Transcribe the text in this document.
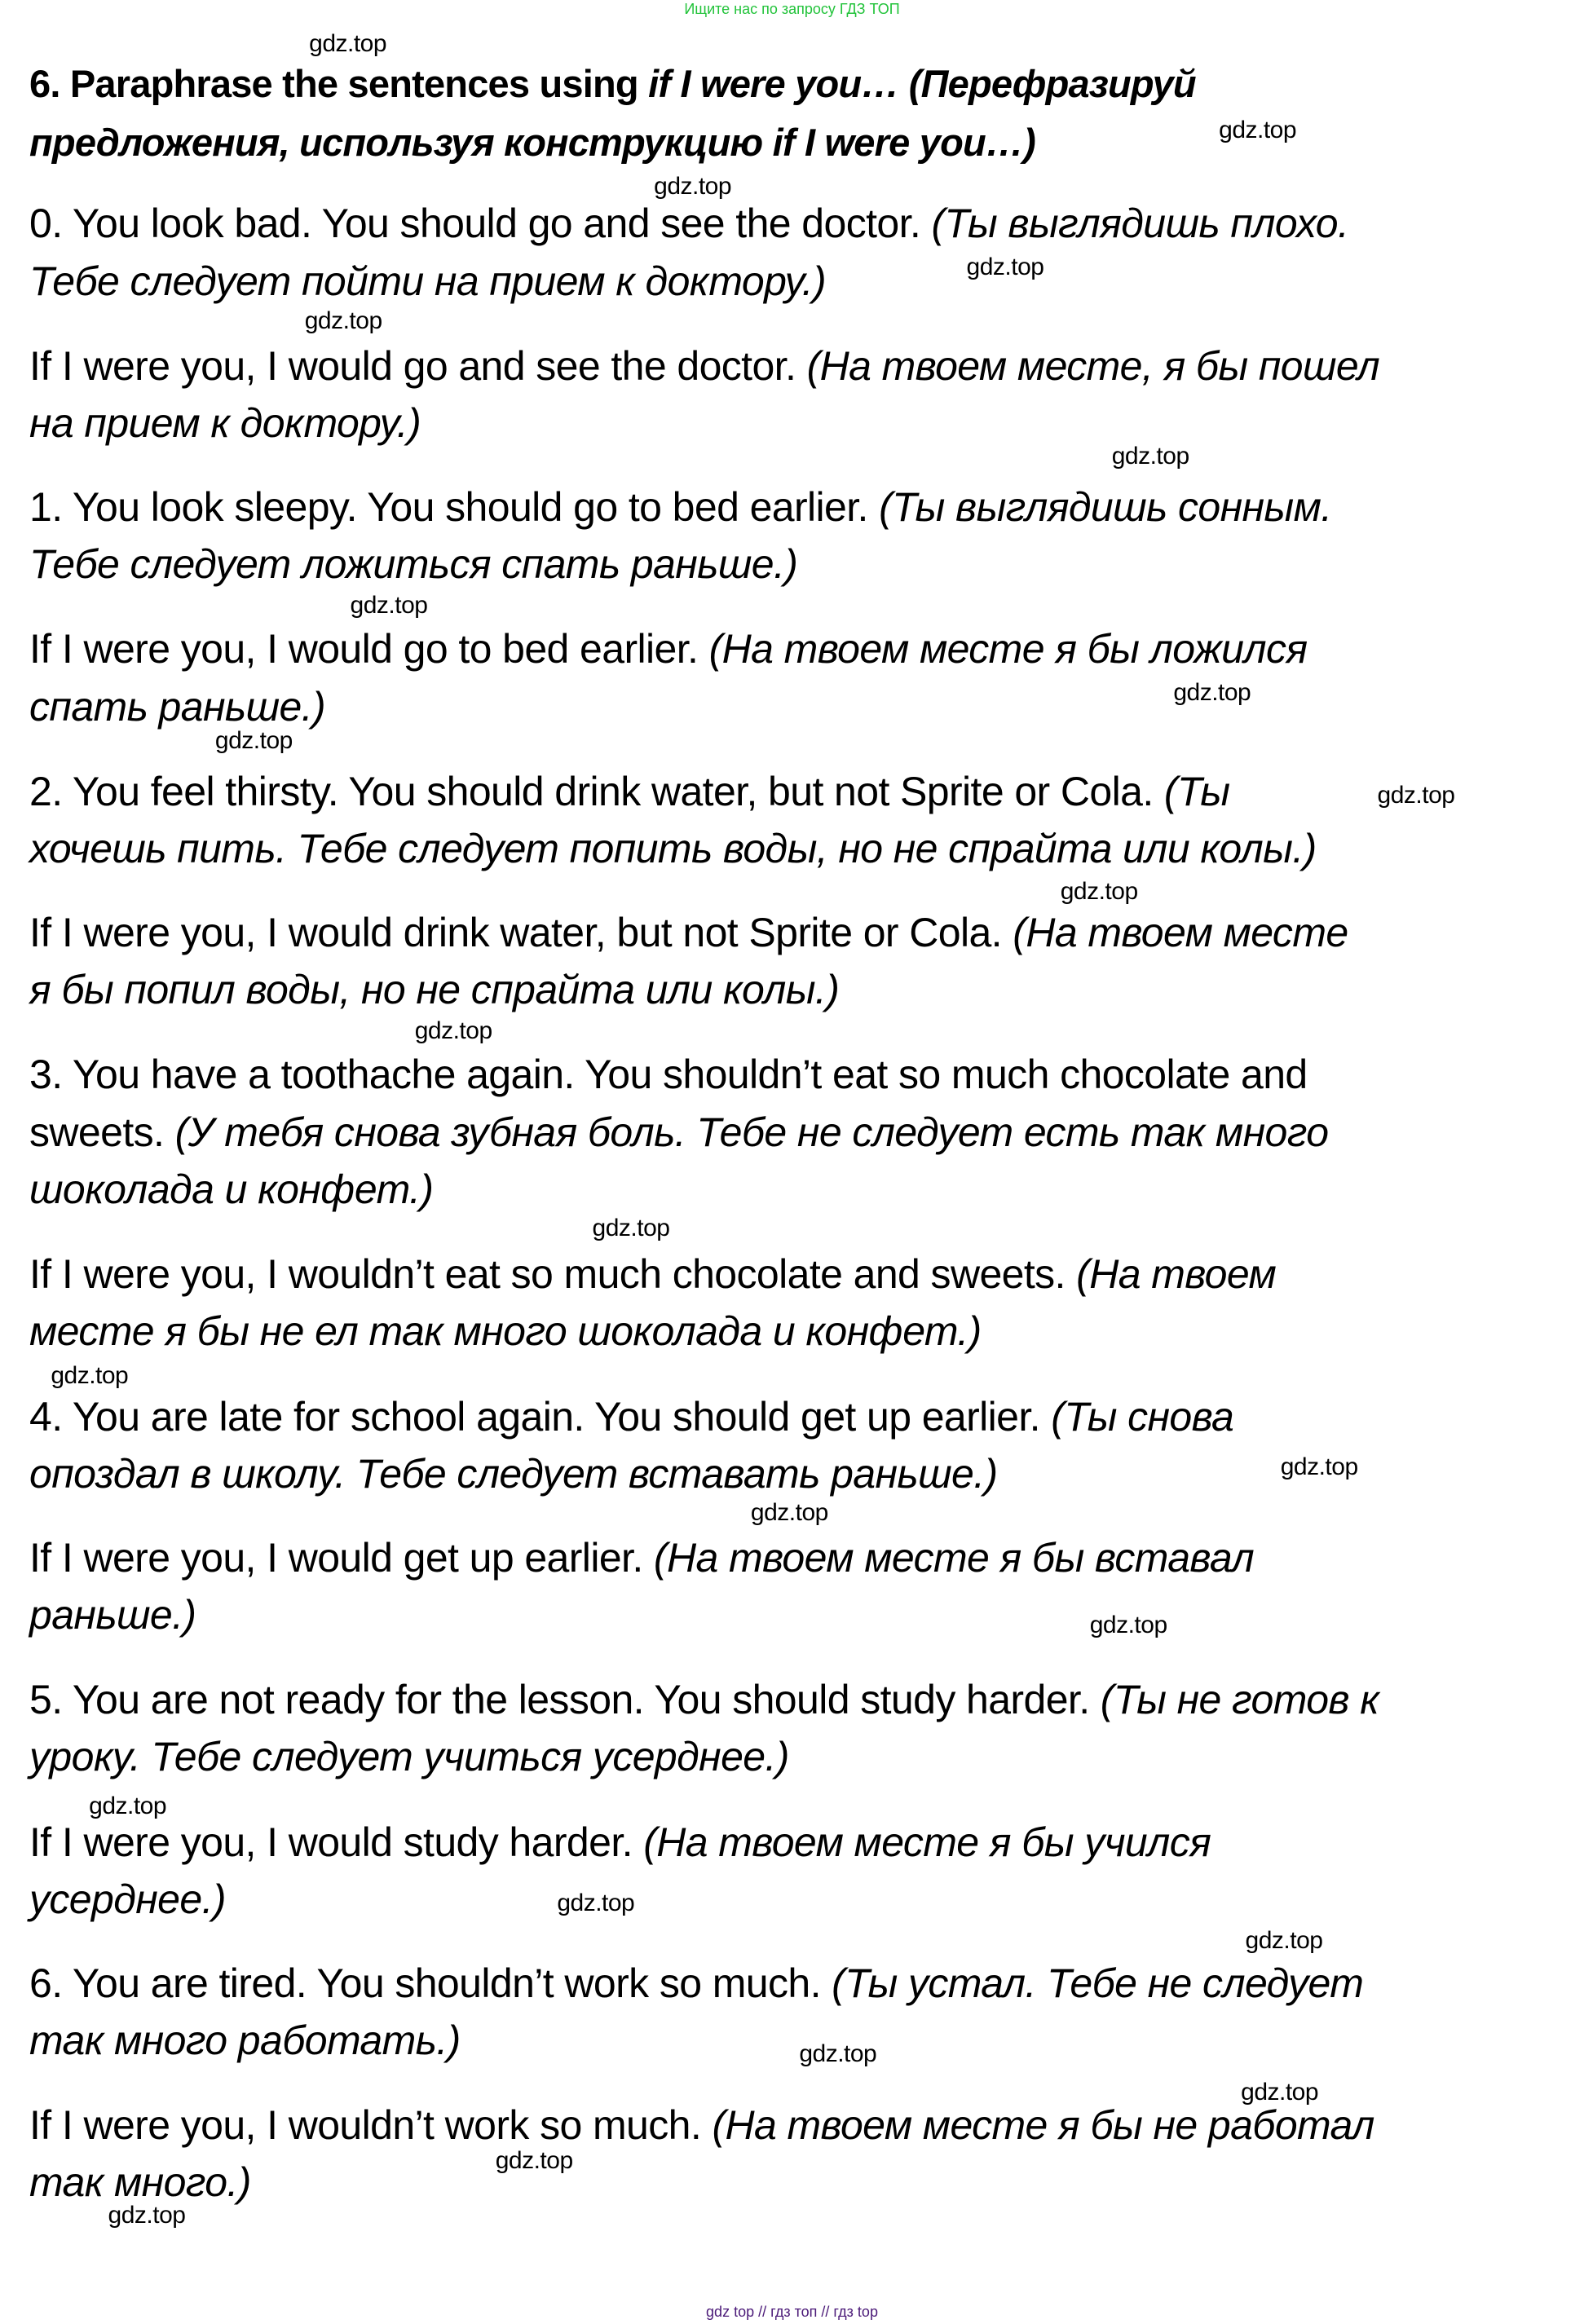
Ищите нас по запросу ГДЗ ТОП
6. Paraphrase the sentences using if I were you… (Перефразируй
предложения, используя конструкцию if I were you…)
0. You look bad. You should go and see the doctor. (Ты выглядишь плохо.
Тебе следует пойти на прием к доктору.)
If I were you, I would go and see the doctor. (На твоем месте, я бы пошел
на прием к доктору.)
1. You look sleepy. You should go to bed earlier. (Ты выглядишь сонным.
Тебе следует ложиться спать раньше.)
If I were you, I would go to bed earlier. (На твоем месте я бы ложился
спать раньше.)
2. You feel thirsty. You should drink water, but not Sprite or Cola. (Ты
хочешь пить. Тебе следует попить воды, но не спрайта или колы.)
If I were you, I would drink water, but not Sprite or Cola. (На твоем месте
я бы попил воды, но не спрайта или колы.)
3. You have a toothache again. You shouldn’t eat so much chocolate and
sweets. (У тебя снова зубная боль. Тебе не следует есть так много
шоколада и конфет.)
If I were you, I wouldn’t eat so much chocolate and sweets. (На твоем
месте я бы не ел так много шоколада и конфет.)
4. You are late for school again. You should get up earlier. (Ты снова
опоздал в школу. Тебе следует вставать раньше.)
If I were you, I would get up earlier. (На твоем месте я бы вставал
раньше.)
5. You are not ready for the lesson. You should study harder. (Ты не готов к
уроку. Тебе следует учиться усерднее.)
If I were you, I would study harder. (На твоем месте я бы учился
усерднее.)
6. You are tired. You shouldn’t work so much. (Ты устал. Тебе не следует
так много работать.)
If I were you, I wouldn’t work so much. (На твоем месте я бы не работал
так много.)
gdz.top
gdz.top
gdz.top
gdz.top
gdz.top
gdz.top
gdz.top
gdz.top
gdz.top
gdz.top
gdz.top
gdz.top
gdz.top
gdz.top
gdz.top
gdz.top
gdz.top
gdz.top
gdz.top
gdz.top
gdz.top
gdz.top
gdz.top
gdz.top
gdz top // гдз топ // гдз top
